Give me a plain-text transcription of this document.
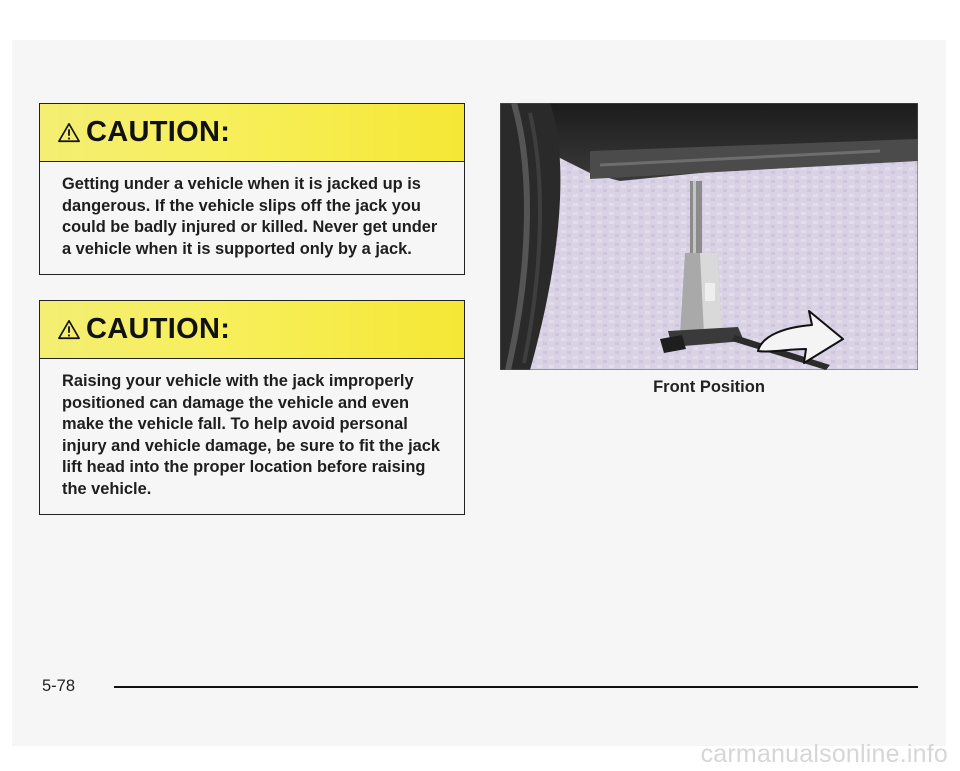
CAUTION:
Getting under a vehicle when it is jacked up is dangerous. If the vehicle slips off the jack you could be badly injured or killed. Never get under a vehicle when it is supported only by a jack.
CAUTION:
Raising your vehicle with the jack improperly positioned can damage the vehicle and even make the vehicle fall. To help avoid personal injury and vehicle damage, be sure to fit the jack lift head into the proper location before raising the vehicle.
Front Position
5-78
carmanualsonline.info
